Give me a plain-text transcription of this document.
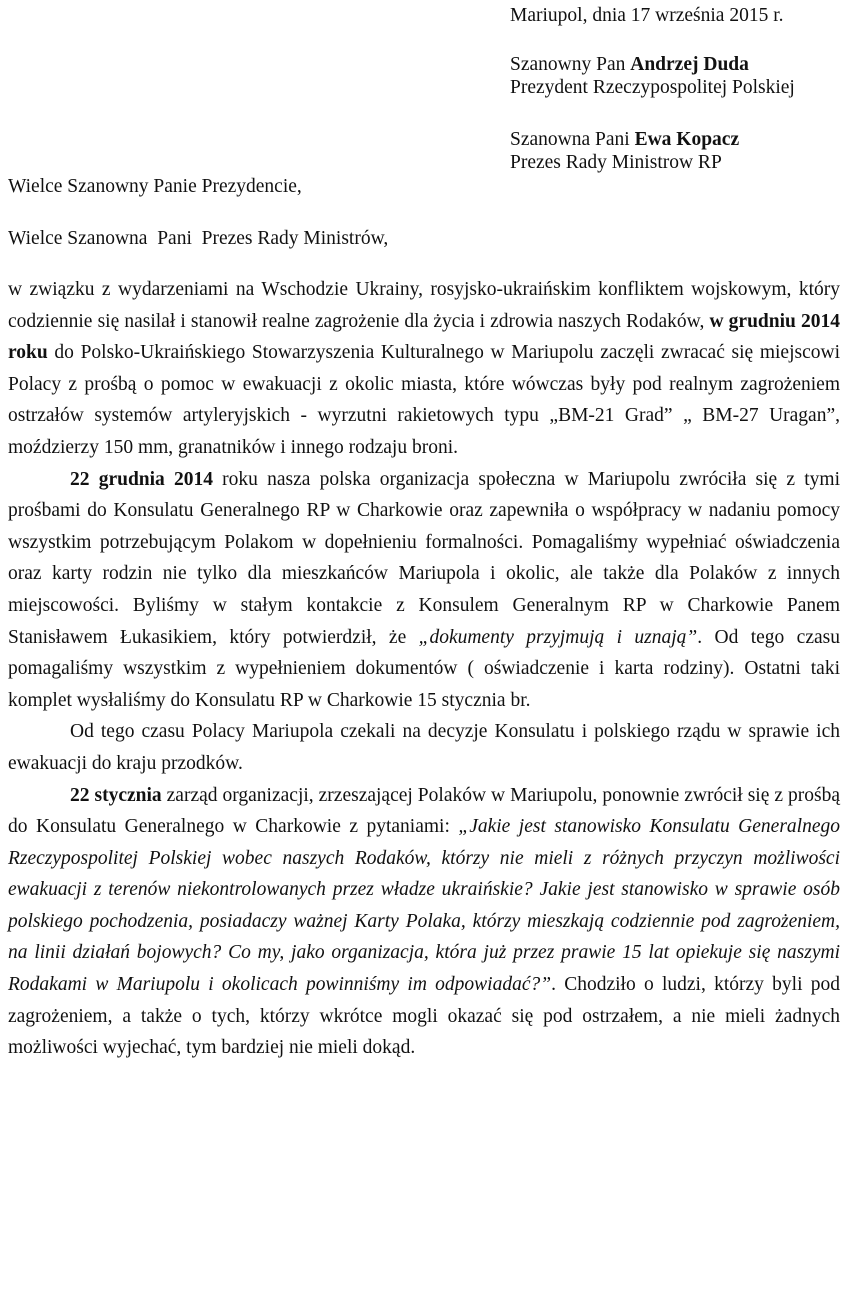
Mariupol, dnia 17 września 2015 r.
Szanowny Pan Andrzej Duda
Prezydent Rzeczypospolitej Polskiej
Szanowna Pani Ewa Kopacz
Prezes Rady Ministrow RP
Wielce Szanowny Panie Prezydencie,
Wielce Szanowna  Pani  Prezes Rady Ministrów,

w związku z wydarzeniami na Wschodzie Ukrainy, rosyjsko-ukraińskim konfliktem wojskowym, który codziennie się nasilał i stanowił realne zagrożenie dla życia i zdrowia naszych Rodaków, w grudniu 2014 roku do Polsko-Ukraińskiego Stowarzyszenia Kulturalnego w Mariupolu zaczęli zwracać się miejscowi Polacy z prośbą o pomoc w ewakuacji z okolic miasta, które wówczas były pod realnym zagrożeniem ostrzałów systemów artyleryjskich - wyrzutni rakietowych typu „BM-21 Grad” „ BM-27 Uragan”, moździerzy 150 mm, granatników i innego rodzaju broni.

22 grudnia 2014 roku nasza polska organizacja społeczna w Mariupolu zwróciła się z tymi prośbami do Konsulatu Generalnego RP w Charkowie oraz zapewniła o współpracy w nadaniu pomocy wszystkim potrzebującym Polakom w dopełnieniu formalności. Pomagaliśmy wypełniać oświadczenia oraz karty rodzin nie tylko dla mieszkańców Mariupola i okolic, ale także dla Polaków z innych miejscowości. Byliśmy w stałym kontakcie z Konsulem Generalnym RP w Charkowie Panem Stanisławem Łukasikiem, który potwierdził, że „dokumenty przyjmują i uznają”. Od tego czasu pomagaliśmy wszystkim z wypełnieniem dokumentów ( oświadczenie i karta rodziny). Ostatni taki komplet wysłaliśmy do Konsulatu RP w Charkowie 15 stycznia br.

Od tego czasu Polacy Mariupola czekali na decyzje Konsulatu i polskiego rządu w sprawie ich ewakuacji do kraju przodków.

22 stycznia zarząd organizacji, zrzeszającej Polaków w Mariupolu, ponownie zwrócił się z prośbą do Konsulatu Generalnego w Charkowie z pytaniami: „Jakie jest stanowisko Konsulatu Generalnego Rzeczypospolitej Polskiej wobec naszych Rodaków, którzy nie mieli z różnych przyczyn możliwości ewakuacji z terenów niekontrolowanych przez władze ukraińskie? Jakie jest stanowisko w sprawie osób polskiego pochodzenia, posiadaczy ważnej Karty Polaka, którzy mieszkają codziennie pod zagrożeniem, na linii działań bojowych? Co my, jako organizacja, która już przez prawie 15 lat opiekuje się naszymi Rodakami w Mariupolu i okolicach powinniśmy im odpowiadać?”. Chodziło o ludzi, którzy byli pod zagrożeniem, a także o tych, którzy wkrótce mogli okazać się pod ostrzałem, a nie mieli żadnych możliwości wyjechać, tym bardziej nie mieli dokąd.
